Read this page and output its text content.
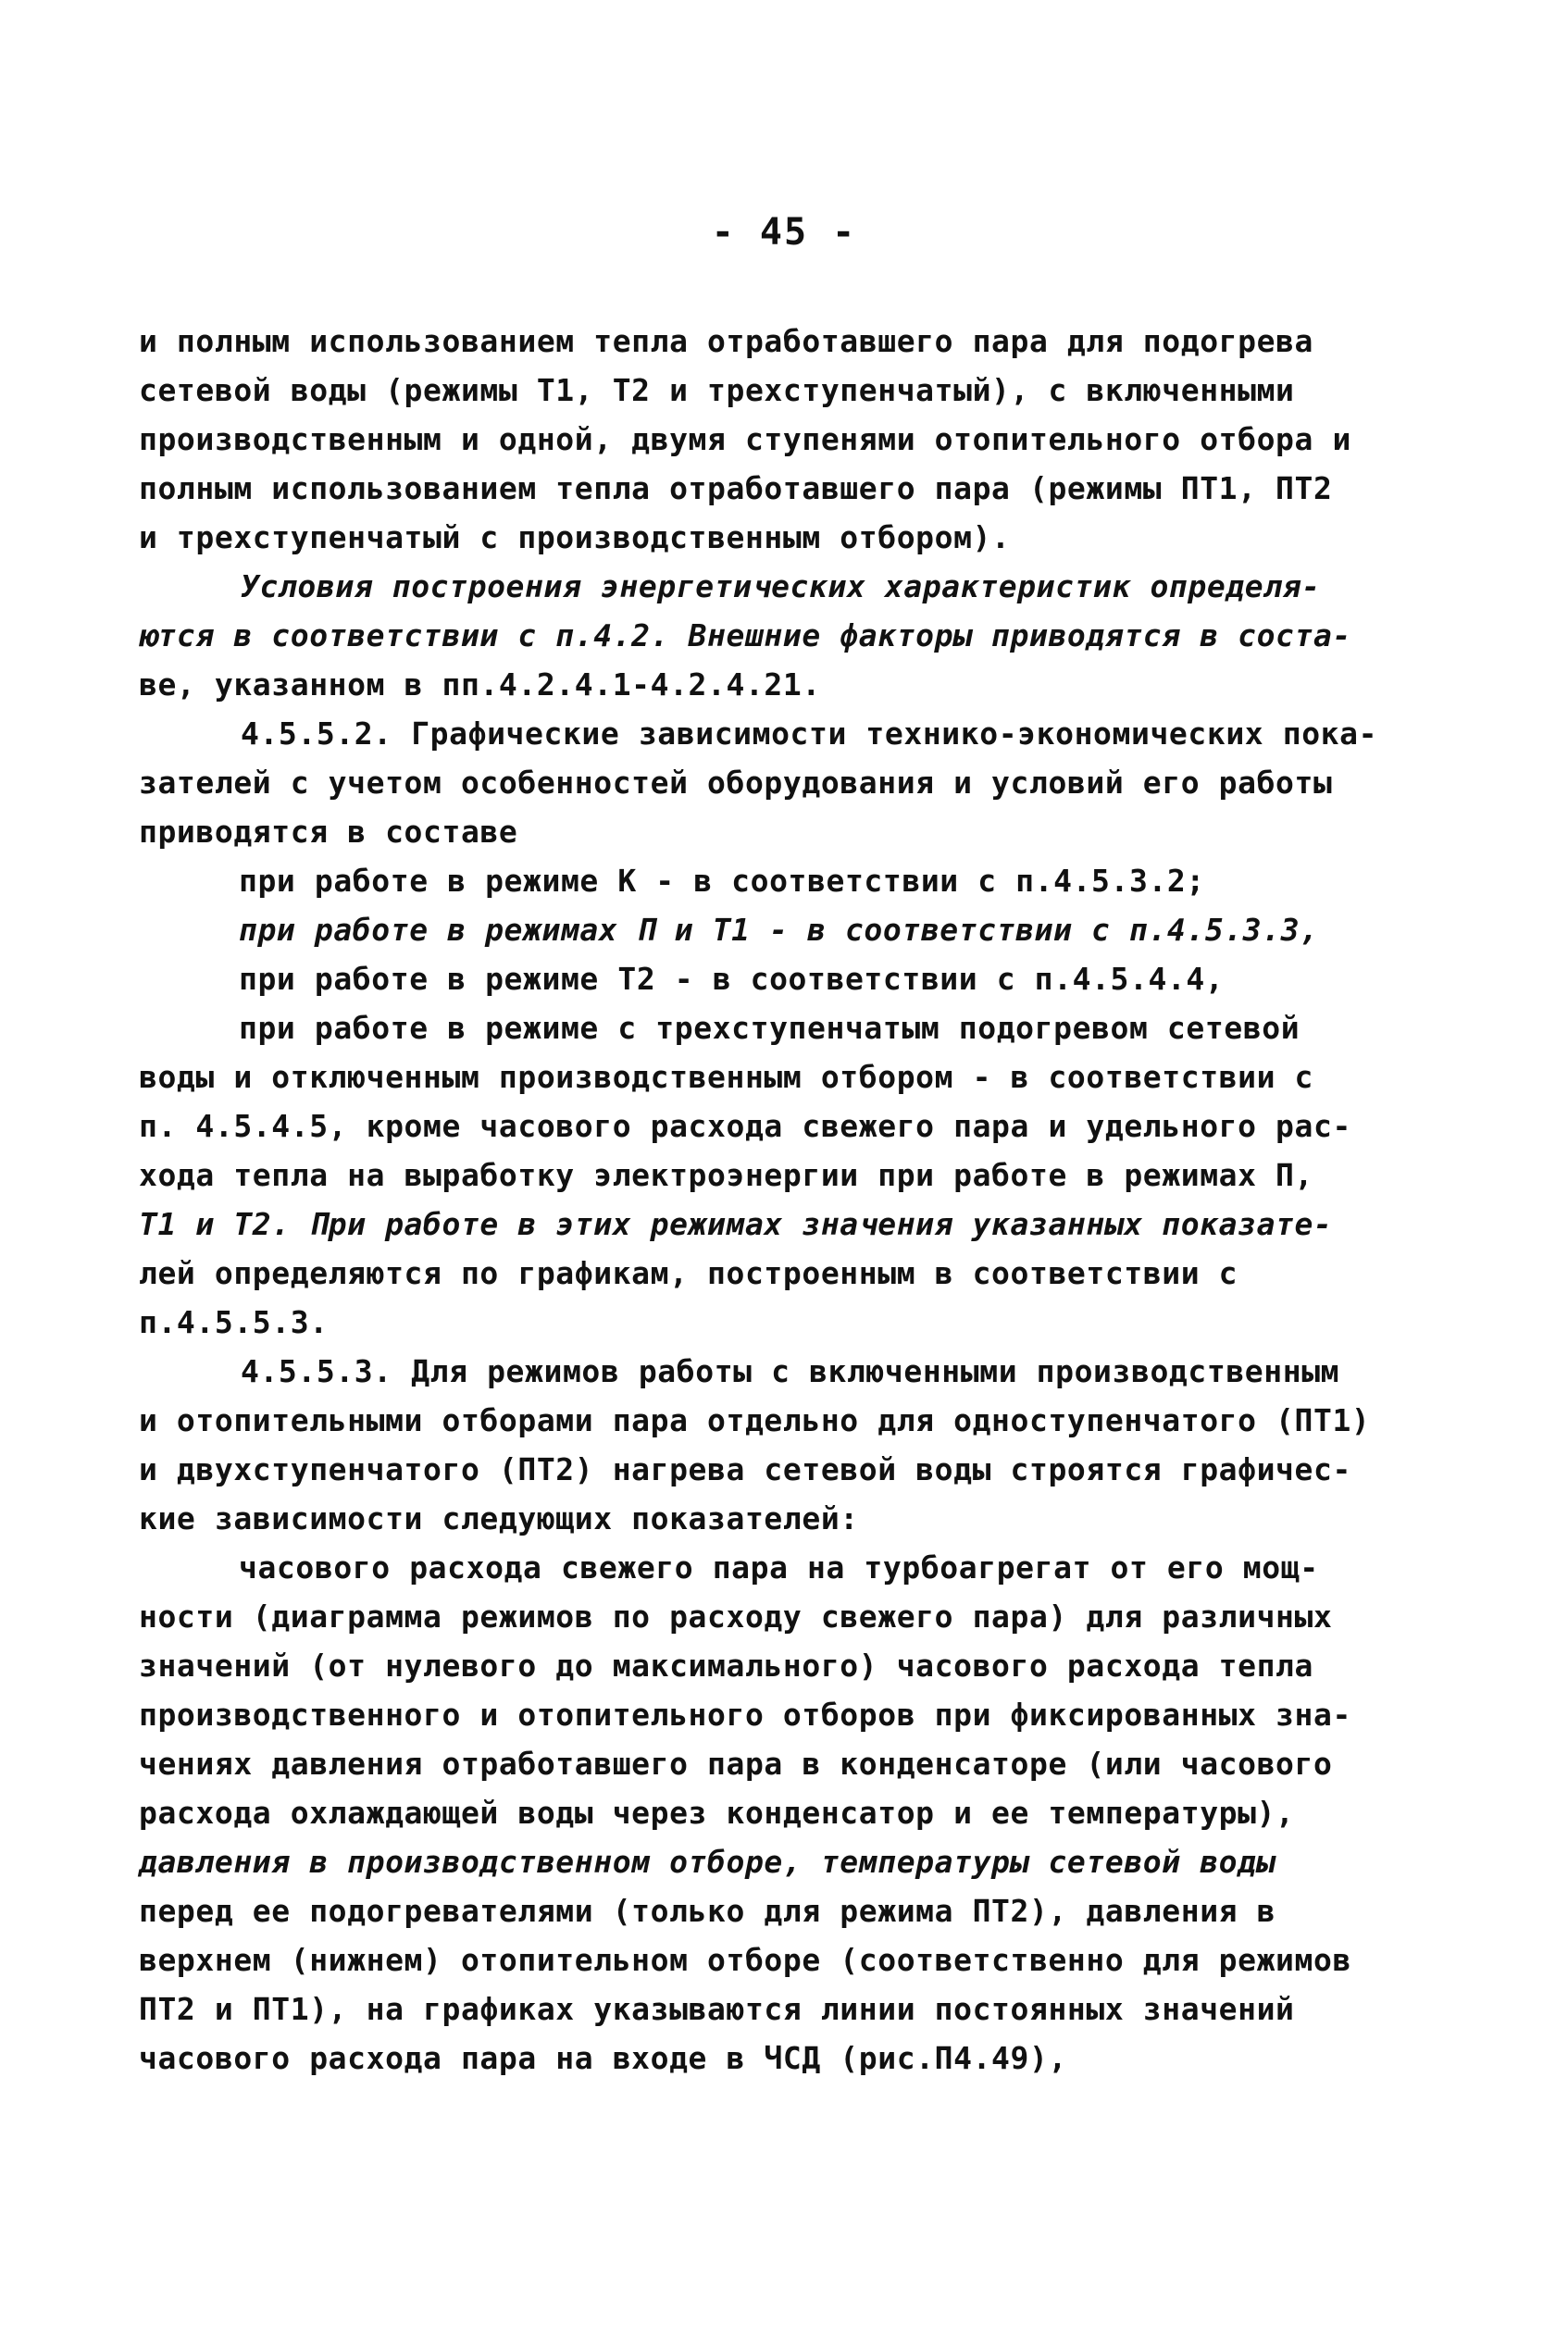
- 45 -
и полным использованием тепла отработавшего пара для подогрева
сетевой воды (режимы Т1, Т2 и трехступенчатый), с включенными
производственным и одной, двумя ступенями отопительного отбора и
полным использованием тепла отработавшего пара (режимы ПТ1, ПТ2
и трехступенчатый с производственным отбором).
Условия построения энергетических характеристик определя-
ются в соответствии с п.4.2. Внешние факторы приводятся в соста-
ве, указанном в пп.4.2.4.1-4.2.4.21.
4.5.5.2. Графические зависимости технико-экономических пока-
зателей с учетом особенностей оборудования и условий его работы
приводятся в составе
при работе в режиме К - в соответствии с п.4.5.3.2;
при работе в режимах П и Т1 - в соответствии с п.4.5.3.3,
при работе в режиме Т2 - в соответствии с п.4.5.4.4,
при работе в режиме с трехступенчатым подогревом сетевой
воды и отключенным производственным отбором - в соответствии с
п. 4.5.4.5, кроме часового расхода свежего пара и удельного рас-
хода тепла на выработку электроэнергии при работе в режимах П,
Т1 и Т2. При работе в этих режимах значения указанных показате-
лей определяются по графикам, построенным в соответствии с
п.4.5.5.3.
4.5.5.3. Для режимов работы с включенными производственным
и отопительными отборами пара отдельно для одноступенчатого (ПТ1)
и двухступенчатого (ПТ2) нагрева сетевой воды строятся графичес-
кие зависимости следующих показателей:
часового расхода свежего пара на турбоагрегат от его мощ-
ности (диаграмма режимов по расходу свежего пара) для различных
значений (от нулевого до максимального) часового расхода тепла
производственного и отопительного отборов при фиксированных зна-
чениях давления отработавшего пара в конденсаторе (или часового
расхода охлаждающей воды через конденсатор и ее температуры),
давления в производственном отборе, температуры сетевой воды
перед ее подогревателями (только для режима ПТ2), давления в
верхнем (нижнем) отопительном отборе (соответственно для режимов
ПТ2 и ПТ1), на графиках указываются линии постоянных значений
часового расхода пара на входе в ЧСД (рис.П4.49),
